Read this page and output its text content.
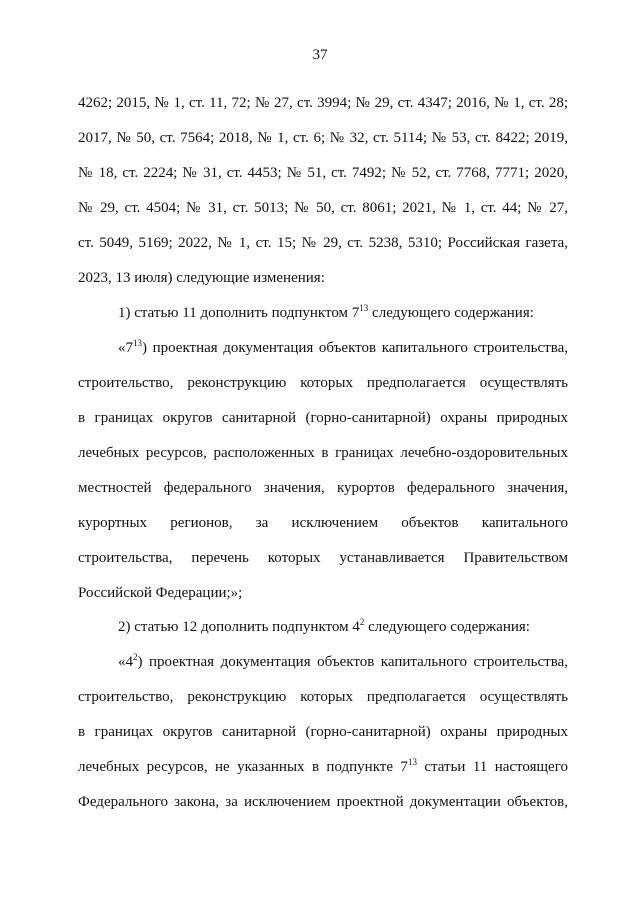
37
4262; 2015, № 1, ст. 11, 72; № 27, ст. 3994; № 29, ст. 4347; 2016, № 1, ст. 28;
2017, № 50, ст. 7564; 2018, № 1, ст. 6; № 32, ст. 5114; № 53, ст. 8422; 2019,
№ 18, ст. 2224; № 31, ст. 4453; № 51, ст. 7492; № 52, ст. 7768, 7771; 2020,
№ 29, ст. 4504; № 31, ст. 5013; № 50, ст. 8061; 2021, № 1, ст. 44; № 27,
ст. 5049, 5169; 2022, № 1, ст. 15; № 29, ст. 5238, 5310; Российская газета,
2023, 13 июля) следующие изменения:
1) статью 11 дополнить подпунктом $7^{13}$ следующего содержания:
«$7^{13}$) проектная документация объектов капитального строительства,
строительство, реконструкцию которых предполагается осуществлять
в границах округов санитарной (горно-санитарной) охраны природных
лечебных ресурсов, расположенных в границах лечебно-оздоровительных
местностей федерального значения, курортов федерального значения,
курортных регионов, за исключением объектов капитального
строительства, перечень которых устанавливается Правительством
Российской Федерации;»;
2) статью 12 дополнить подпунктом $4^2$ следующего содержания:
«$4^2$) проектная документация объектов капитального строительства,
строительство, реконструкцию которых предполагается осуществлять
в границах округов санитарной (горно-санитарной) охраны природных
лечебных ресурсов, не указанных в подпункте $7^{13}$ статьи 11 настоящего
Федерального закона, за исключением проектной документации объектов,
